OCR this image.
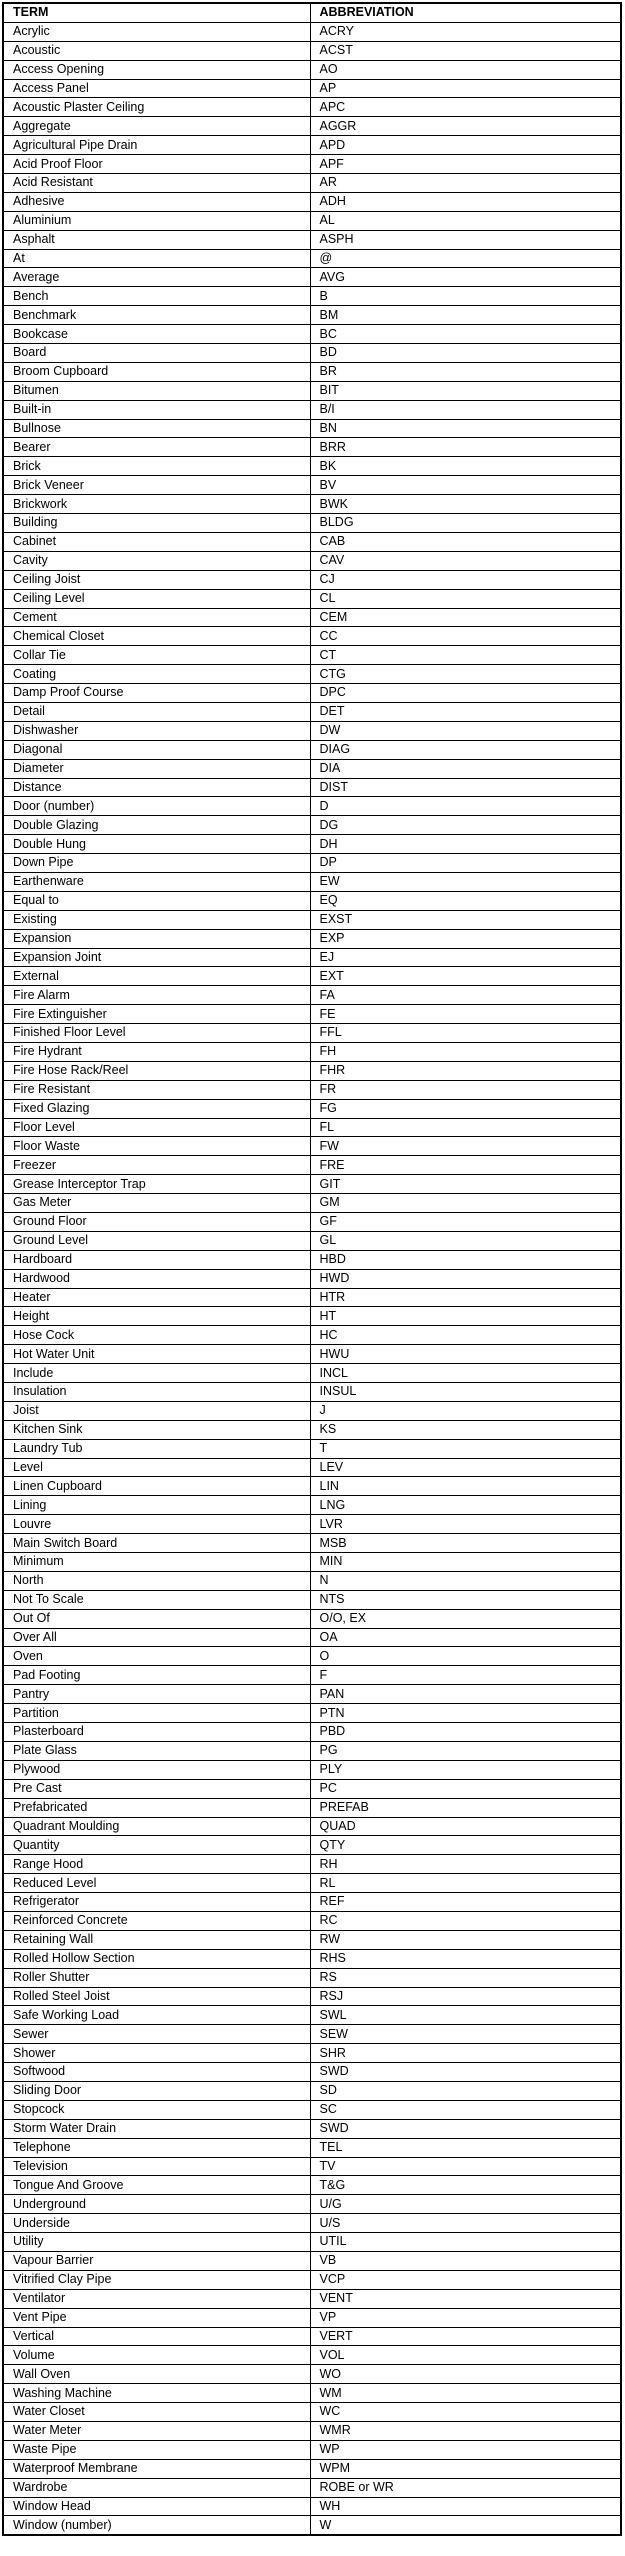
TERM	ABBREVIATION
Acrylic	ACRY
Acoustic	ACST
Access Opening	AO
Access Panel	AP
Acoustic Plaster Ceiling	APC
Aggregate	AGGR
Agricultural Pipe Drain	APD
Acid Proof Floor	APF
Acid Resistant	AR
Adhesive	ADH
Aluminium	AL
Asphalt	ASPH
At	@
Average	AVG
Bench	B
Benchmark	BM
Bookcase	BC
Board	BD
Broom Cupboard	BR
Bitumen	BIT
Built-in	B/I
Bullnose	BN
Bearer	BRR
Brick	BK
Brick Veneer	BV
Brickwork	BWK
Building	BLDG
Cabinet	CAB
Cavity	CAV
Ceiling Joist	CJ
Ceiling Level	CL
Cement	CEM
Chemical Closet	CC
Collar Tie	CT
Coating	CTG
Damp Proof Course	DPC
Detail	DET
Dishwasher	DW
Diagonal	DIAG
Diameter	DIA
Distance	DIST
Door (number)	D
Double Glazing	DG
Double Hung	DH
Down Pipe	DP
Earthenware	EW
Equal to	EQ
Existing	EXST
Expansion	EXP
Expansion Joint	EJ
External	EXT
Fire Alarm	FA
Fire Extinguisher	FE
Finished Floor Level	FFL
Fire Hydrant	FH
Fire Hose Rack/Reel	FHR
Fire Resistant	FR
Fixed Glazing	FG
Floor Level	FL
Floor Waste	FW
Freezer	FRE
Grease Interceptor Trap	GIT
Gas Meter	GM
Ground Floor	GF
Ground Level	GL
Hardboard	HBD
Hardwood	HWD
Heater	HTR
Height	HT
Hose Cock	HC
Hot Water Unit	HWU
Include	INCL
Insulation	INSUL
Joist	J
Kitchen Sink	KS
Laundry Tub	T
Level	LEV
Linen Cupboard	LIN
Lining	LNG
Louvre	LVR
Main Switch Board	MSB
Minimum	MIN
North	N
Not To Scale	NTS
Out Of	O/O, EX
Over All	OA
Oven	O
Pad Footing	F
Pantry	PAN
Partition	PTN
Plasterboard	PBD
Plate Glass	PG
Plywood	PLY
Pre Cast	PC
Prefabricated	PREFAB
Quadrant Moulding	QUAD
Quantity	QTY
Range Hood	RH
Reduced Level	RL
Refrigerator	REF
Reinforced Concrete	RC
Retaining Wall	RW
Rolled Hollow Section	RHS
Roller Shutter	RS
Rolled Steel Joist	RSJ
Safe Working Load	SWL
Sewer	SEW
Shower	SHR
Softwood	SWD
Sliding Door	SD
Stopcock	SC
Storm Water Drain	SWD
Telephone	TEL
Television	TV
Tongue And Groove	T&G
Underground	U/G
Underside	U/S
Utility	UTIL
Vapour Barrier	VB
Vitrified Clay Pipe	VCP
Ventilator	VENT
Vent Pipe	VP
Vertical	VERT
Volume	VOL
Wall Oven	WO
Washing Machine	WM
Water Closet	WC
Water Meter	WMR
Waste Pipe	WP
Waterproof Membrane	WPM
Wardrobe	ROBE or WR
Window Head	WH
Window (number)	W
